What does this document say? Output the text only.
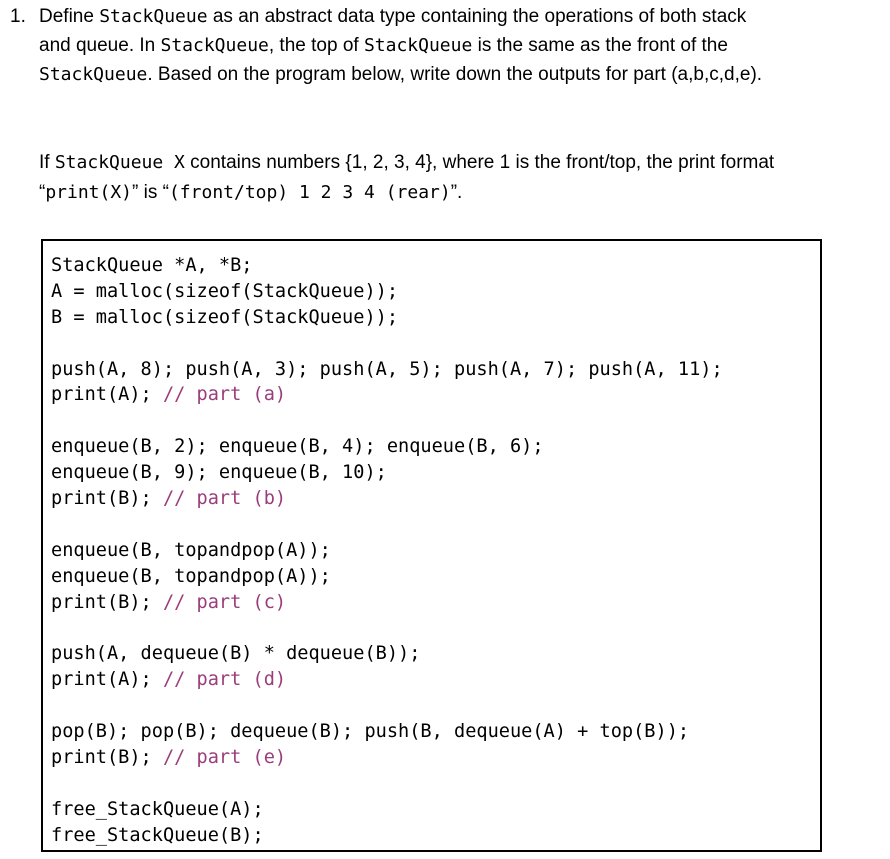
1. Define StackQueue as an abstract data type containing the operations of both stack

and queue. In StackQueue, the top of StackQueue is the same as the front of the

StackQueue. Based on the program below, write down the outputs for part (a,b,c,d,e).

If StackQueue X contains numbers {1, 2, 3, 4}, where 1 is the front/top, the print format

“print(X)” is “(front/top) 1 2 3 4 (rear)”.

StackQueue *A, *B;
A = malloc(sizeof(StackQueue));
B = malloc(sizeof(StackQueue));
push(A, 8); push(A, 3); push(A, 5); push(A, 7); push(A, 11);
print(A); // part (a)
enqueue(B, 2); enqueue(B, 4); enqueue(B, 6);
enqueue(B, 9); enqueue(B, 10);
print(B); // part (b)
enqueue(B, topandpop(A));
enqueue(B, topandpop(A));
print(B); // part (c)
push(A, dequeue(B) * dequeue(B));
print(A); // part (d)
pop(B); pop(B); dequeue(B); push(B, dequeue(A) + top(B));
print(B); // part (e)
free_StackQueue(A);
free_StackQueue(B);
